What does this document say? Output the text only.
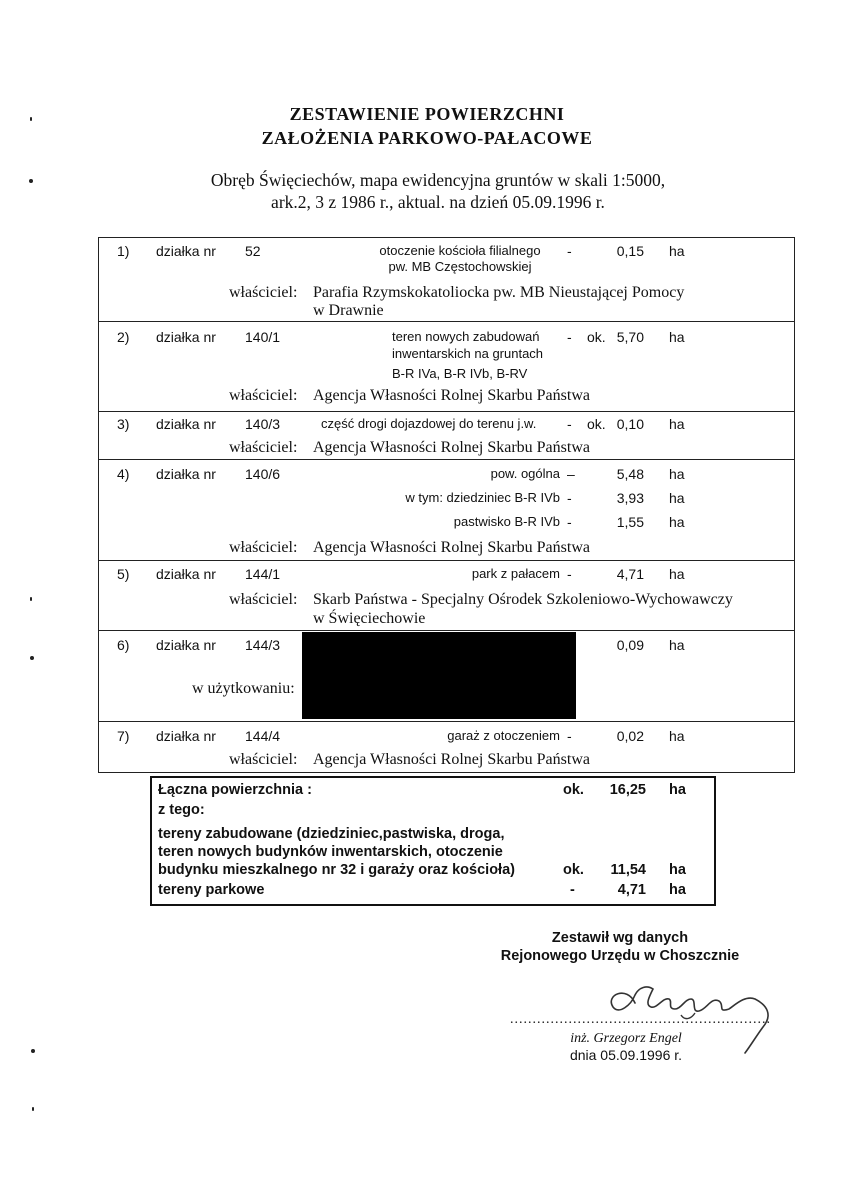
ZESTAWIENIE POWIERZCHNI
ZAŁOŻENIA PARKOWO-PAŁACOWE
Obręb Święciechów, mapa ewidencyjna gruntów w skali 1:5000,
ark.2, 3 z 1986 r., aktual. na dzień 05.09.1996 r.
1) działka nr 52	otoczenie kościoła filialnego
pw. MB Częstochowskiej
-	0,15 ha
właściciel: Parafia Rzymskokatoliocka pw. MB Nieustającej Pomocy
w Drawnie
2) działka nr 140/1	teren nowych zabudowań
inwentarskich na gruntach
B-R IVa, B-R IVb, B-RV
- ok. 5,70 ha
właściciel: Agencja Własności Rolnej Skarbu Państwa
3) działka nr 140/3	część drogi dojazdowej do terenu j.w. - ok. 0,10 ha
właściciel: Agencja Własności Rolnej Skarbu Państwa
4) działka nr 140/6	pow. ogólna –	5,48 ha
w tym: dziedziniec B-R IVb -	3,93 ha
pastwisko B-R IVb -	1,55 ha
właściciel: Agencja Własności Rolnej Skarbu Państwa
5) działka nr 144/1	park z pałacem -	4,71 ha
właściciel: Skarb Państwa - Specjalny Ośrodek Szkoleniowo-Wychowawczy
w Święciechowie
6) działka nr 144/3	0,09 ha
w użytkowaniu:
7) działka nr 144/4	garaż z otoczeniem -	0,02 ha
właściciel: Agencja Własności Rolnej Skarbu Państwa
Łączna powierzchnia :	ok.	16,25 ha
z tego:
tereny zabudowane (dziedziniec,pastwiska, droga,
teren nowych budynków inwentarskich, otoczenie
budynku mieszkalnego nr 32 i garaży oraz kościoła)	ok.	11,54 ha
tereny parkowe	-	4,71 ha
Zestawił wg danych
Rejonowego Urzędu w Choszcznie
..........................................................
inż. Grzegorz Engel
dnia 05.09.1996 r.
